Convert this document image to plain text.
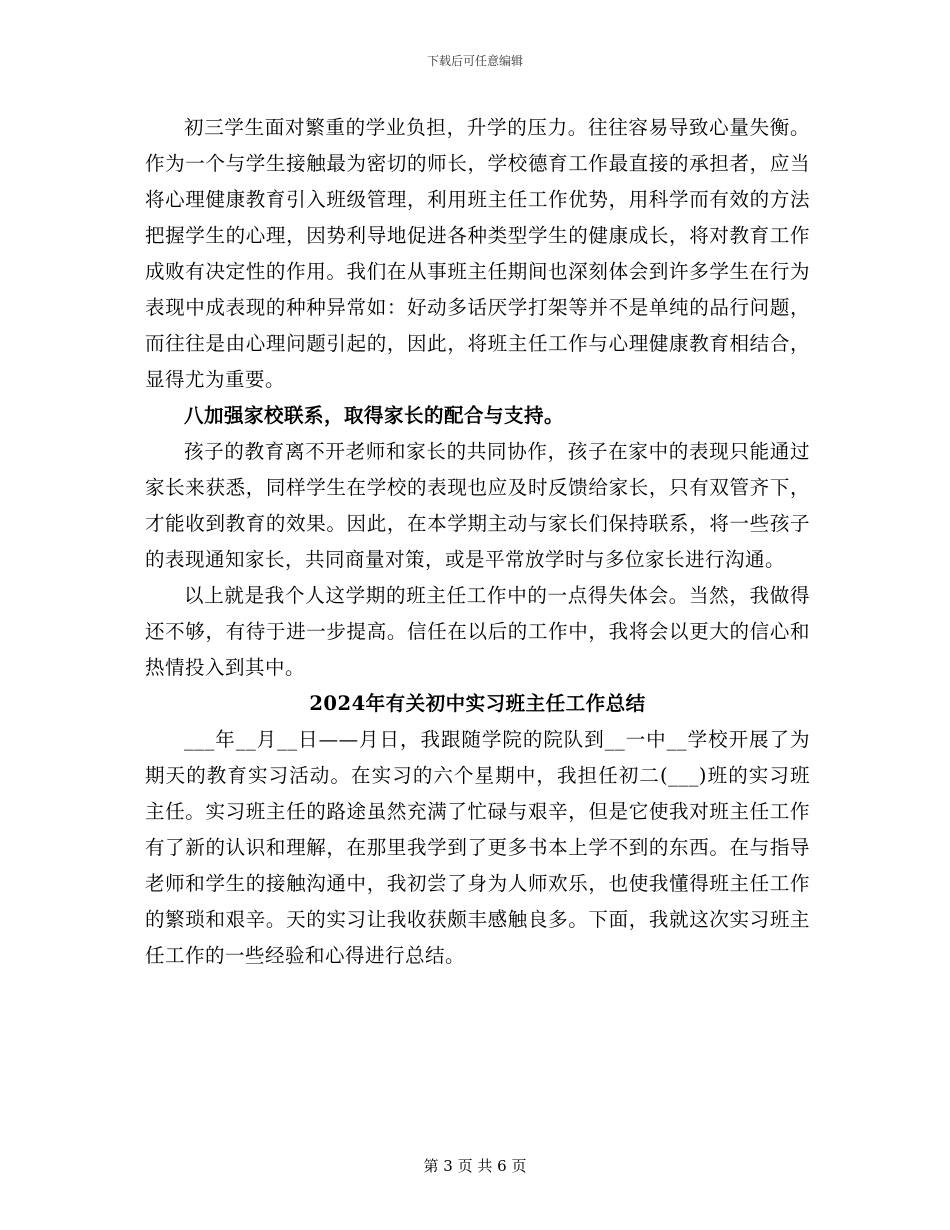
下载后可任意编辑

初三学生面对繁重的学业负担，升学的压力。往往容易导致心量失衡。作为一个与学生接触最为密切的师长，学校德育工作最直接的承担者，应当将心理健康教育引入班级管理，利用班主任工作优势，用科学而有效的方法把握学生的心理，因势利导地促进各种类型学生的健康成长，将对教育工作成败有决定性的作用。我们在从事班主任期间也深刻体会到许多学生在行为表现中成表现的种种异常如：好动多话厌学打架等并不是单纯的品行问题，而往往是由心理问题引起的，因此，将班主任工作与心理健康教育相结合，显得尤为重要。

八加强家校联系，取得家长的配合与支持。

孩子的教育离不开老师和家长的共同协作，孩子在家中的表现只能通过家长来获悉，同样学生在学校的表现也应及时反馈给家长，只有双管齐下，才能收到教育的效果。因此，在本学期主动与家长们保持联系，将一些孩子的表现通知家长，共同商量对策，或是平常放学时与多位家长进行沟通。

以上就是我个人这学期的班主任工作中的一点得失体会。当然，我做得还不够，有待于进一步提高。信任在以后的工作中，我将会以更大的信心和热情投入到其中。

2024年有关初中实习班主任工作总结

___年__月__日——月日，我跟随学院的院队到__一中__学校开展了为期天的教育实习活动。在实习的六个星期中，我担任初二(___)班的实习班主任。实习班主任的路途虽然充满了忙碌与艰辛，但是它使我对班主任工作有了新的认识和理解，在那里我学到了更多书本上学不到的东西。在与指导老师和学生的接触沟通中，我初尝了身为人师欢乐，也使我懂得班主任工作的繁琐和艰辛。天的实习让我收获颇丰感触良多。下面，我就这次实习班主任工作的一些经验和心得进行总结。

第 3 页 共 6 页
